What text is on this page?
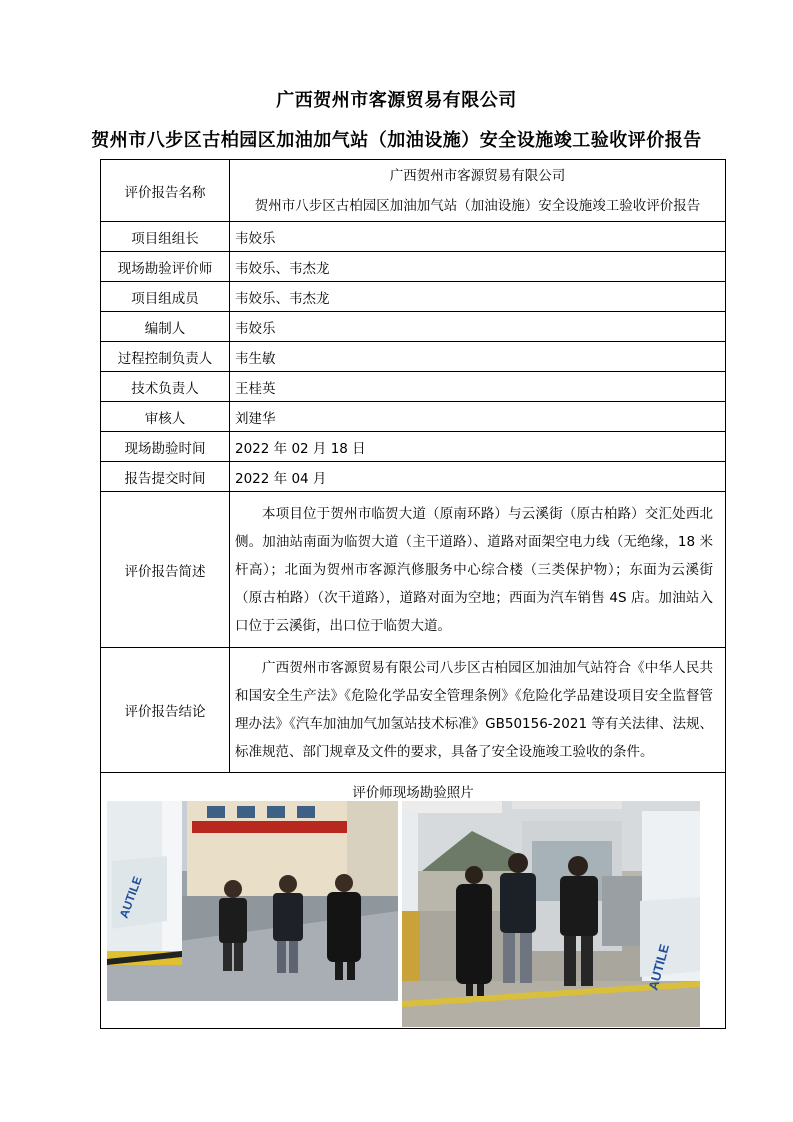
广西贺州市客源贸易有限公司
贺州市八步区古柏园区加油加气站（加油设施）安全设施竣工验收评价报告
评价报告名称	广西贺州市客源贸易有限公司
贺州市八步区古柏园区加油加气站（加油设施）安全设施竣工验收评价报告

项目组组长	韦姣乐
现场勘验评价师	韦姣乐、韦杰龙
项目组成员	韦姣乐、韦杰龙
编制人	韦姣乐
过程控制负责人	韦生敏
技术负责人	王桂英
审核人	刘建华
现场勘验时间	2022 年 02 月 18 日
报告提交时间	2022 年 04 月
评价报告简述	本项目位于贺州市临贺大道（原南环路）与云溪街（原古柏路）交汇处西北侧。加油站南面为临贺大道（主干道路）、道路对面架空电力线（无绝缘，18 米杆高）；北面为贺州市客源汽修服务中心综合楼（三类保护物）；东面为云溪街（原古柏路）（次干道路），道路对面为空地；西面为汽车销售 4S 店。加油站入口位于云溪街，出口位于临贺大道。

评价报告结论	广西贺州市客源贸易有限公司八步区古柏园区加油加气站符合《中华人民共和国安全生产法》《危险化学品安全管理条例》《危险化学品建设项目安全监督管理办法》《汽车加油加气加氢站技术标准》GB50156-2021 等有关法律、法规、标准规范、部门规章及文件的要求，具备了安全设施竣工验收的条件。

评价师现场勘验照片
AUTILE
AUTILE	
